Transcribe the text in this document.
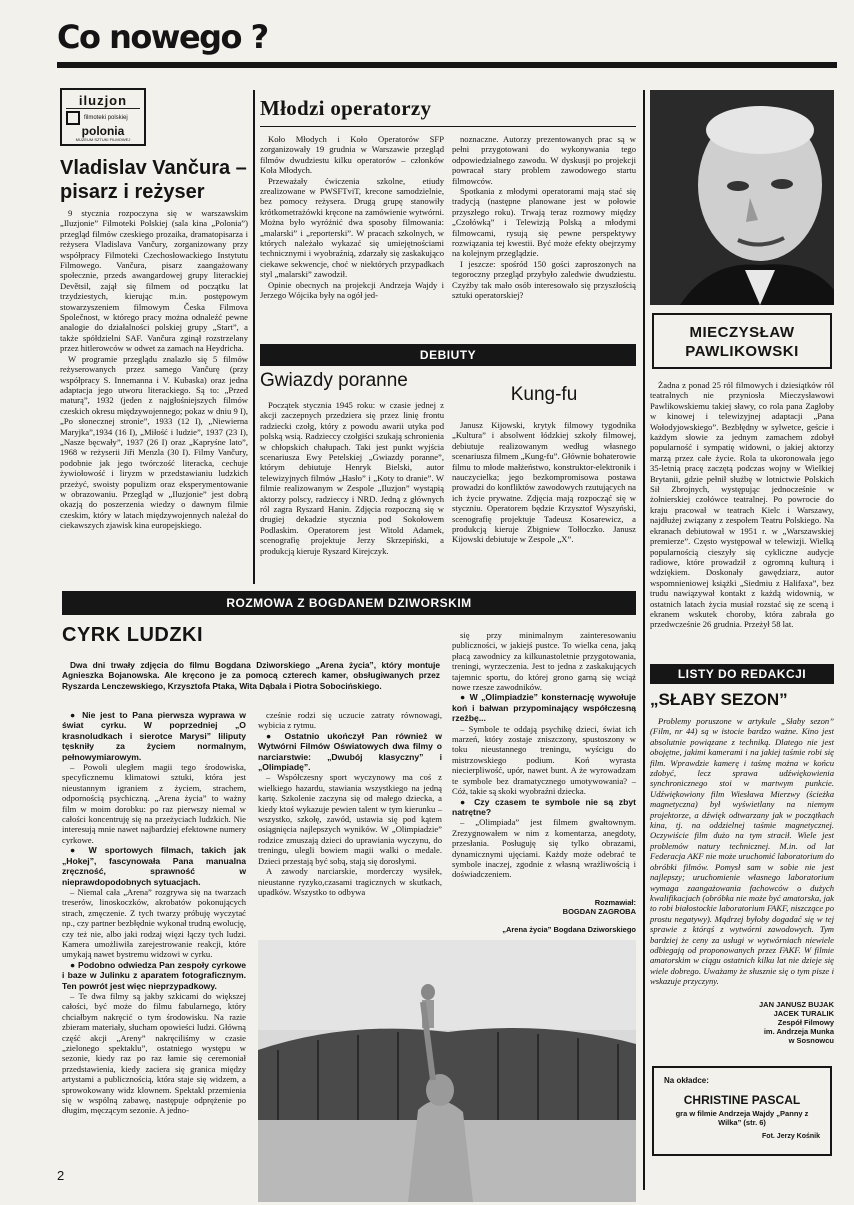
Co nowego ?
iluzjon
filmoteki polskiej
polonia
MUZEUM SZTUKI FILMOWEJ
Vladislav Vančura – pisarz i reżyser

9 stycznia rozpoczyna się w warszawskim „Iluzjonie” Filmoteki Polskiej (sala kina „Polonia”) przegląd filmów czeskiego prozaika, dramatopisarza i reżysera Vladislava Vančury, zorganizowany przy współpracy Filmoteki Czechosłowackiego Instytutu Filmowego. Vančura, pisarz zaangażowany społecznie, przeds awangardowej grupy literackiej Devětsil, zajął się filmem od początku lat trzydziestych, kierując m.in. postępowym stowarzyszeniem filmowym Česka Filmova Společnost, w którego pracy można odnaleźć pewne analogie do działalności polskiej grupy „Start”, a także spółdzielni SAF. Vančura zginął rozstrzelany przez hitlerowców w odwet za zamach na Heydricha.

W programie przeglądu znalazło się 5 filmów reżyserowanych przez samego Vančurę (przy współpracy S. Innemanna i V. Kubaska) oraz jedna adaptacja jego utworu literackiego. Są to: „Przed maturą”, 1932 (jeden z najgłośniejszych filmów czeskich okresu międzywojennego; pokaz w dniu 9 I), „Po słonecznej stronie”, 1933 (12 I), „Niewierna Maryjka”,1934 (16 I), „Miłość i ludzie”, 1937 (23 I), „Nasze bęcwały”, 1937 (26 I) oraz „Kapryśne lato”, 1968 w reżyserii Jiři Menzla (30 I). Filmy Vančury, podobnie jak jego twórczość literacka, cechuje żywiołowość i liryzm w przedstawianiu ludzkich przeżyć, swoisty populizm oraz eksperymentowanie w obrazowaniu. Przegląd w „Iluzjonie” jest dobrą okazją do poszerzenia wiedzy o dawnym filmie czeskim, który w latach międzywojennych należał do ciekawszych zjawisk kina europejskiego.

Młodzi operatorzy

Koło Młodych i Koło Operatorów SFP zorganizowały 19 grudnia w Warszawie przegląd filmów dwudziestu kilku operatorów – członków Koła Młodych.

Przeważały ćwiczenia szkolne, etiudy zrealizowane w PWSFTviT, krecone samodzielnie, bez pomocy reżysera. Drugą grupę stanowiły krótkometrażówki kręcone na zamówienie wytwórni. Można było wyróżnić dwa sposoby filmowania: „malarski” i „reporterski”. W pracach szkolnych, w których należało wykazać się umiejętnościami technicznymi i wyobraźnią, zdarzały się zaskakująco ciekawe sekwencje, choć w niektórych przypadkach styl „malarski” zawodził.

Opinie obecnych na projekcji Andrzeja Wajdy i Jerzego Wójcika były na ogół jed-

noznaczne. Autorzy prezentowanych prac są w pełni przygotowani do wykonywania tego odpowiedzialnego zawodu. W dyskusji po projekcji powracał stary problem zawodowego startu filmowców.

Spotkania z młodymi operatorami mają stać się tradycją (następne planowane jest w połowie przyszłego roku). Trwają teraz rozmowy między „Czołówką” i Telewizją Polską a młodymi filmowcami, rysują się pewne perspektywy rozwiązania tej kwestii. Być może efekty obejrzymy na kolejnym przeglądzie.

I jeszcze: spośród 150 gości zaproszonych na tegoroczny przegląd przybyło zaledwie dwudziestu. Czyżby tak mało osób interesowało się przyszłością sztuki operatorskiej?

DEBIUTY
Gwiazdy poranne
Początek stycznia 1945 roku: w czasie jednej z akcji zaczepnych przedziera się przez linię frontu radziecki czołg, który z powodu awarii utyka pod polską wsią. Radzieccy czołgiści szukają schronienia w chłopskich chałupach. Taki jest punkt wyjścia scenariusza Ewy Petelskiej „Gwiazdy poranne”, którym debiutuje Henryk Bielski, autor telewizyjnych filmów „Hasło” i „Koty to dranie”. W filmie realizowanym w Zespole „Iluzjon” wystąpią aktorzy polscy, radzieccy i NRD. Jedną z głównych ról zagra Ryszard Hanin. Zdjęcia rozpoczną się w drugiej dekadzie stycznia pod Sokołowem Podlaskim. Operatorem jest Witold Adamek, scenografię projektuje Jerzy Skrzepiński, a produkcją kieruje Ryszard Kirejczyk.
Kung-fu
Janusz Kijowski, krytyk filmowy tygodnika „Kultura” i absolwent łódzkiej szkoły filmowej, debiutuje realizowanym według własnego scenariusza filmem „Kung-fu”. Głównie bohaterowie filmu to młode małżeństwo, konstruktor-elektronik i nauczycielka; jego bezkompromisowa postawa prowadzi do konfliktów zawodowych rzutujących na ich życie prywatne. Zdjęcia mają rozpocząć się w styczniu. Operatorem będzie Krzysztof Wyszyński, scenografię projektuje Tadeusz Kosarewicz, a produkcją kieruje Zbigniew Tołłoczko. Janusz Kijowski debiutuje w Zespole „X”.
MIECZYSŁAW
PAWLIKOWSKI
Żadna z ponad 25 ról filmowych i dziesiątków ról teatralnych nie przyniosła Mieczysławowi Pawlikowskiemu takiej sławy, co rola pana Zagłoby w kinowej i telewizyjnej adaptacji „Pana Wołodyjowskiego”. Bezbłędny w sylwetce, geście i każdym słowie za jednym zamachem zdobył popularność i sympatię widowni, o jakiej aktorzy marzą przez całe życie. Rola ta ukoronowała jego 35-letnią pracę zaczętą podczas wojny w Wielkiej Brytanii, gdzie pełnił służbę w lotnictwie Polskich Sił Zbrojnych, występując jednocześnie w żołnierskiej czołówce teatralnej. Po powrocie do kraju pracował w teatrach Kielc i Warszawy, najdłużej związany z zespołem Teatru Polskiego. Na ekranach debiutował w 1951 r. w „Warszawskiej premierze”. Często występował w telewizji. Wielką popularnością cieszyły się cykliczne audycje radiowe, które prowadził z ogromną kulturą i wdziękiem. Doskonały gawędziarz, autor wspomnieniowej książki „Siedmiu z Halifaxa”, bez trudu nawiązywał kontakt z każdą widownią, w ostatnich latach życia musiał rozstać się ze sceną i ekranem wskutek choroby, która zabrała go przedwcześnie 26 grudnia. Przeżył 58 lat.
LISTY DO REDAKCJI
„SŁABY SEZON”
Problemy poruszone w artykule „Słaby sezon” (Film, nr 44) są w istocie bardzo ważne. Kino jest absolutnie powiązane z techniką. Dlatego nie jest obojętne, jakimi kamerami i na jakiej taśmie robi się film. Wprawdzie kamerę i taśmę można w końcu zdobyć, lecz sprawa udźwiękowienia synchronicznego stoi w martwym punkcie. Udźwiękowiony film Wiesława Mierzwy (ścieżka magnetyczna) był wyświetlany na niemym projektorze, a dźwięk odtwarzany jak w początkach kina, tj. na oddzielnej taśmie magnetycznej. Oczywiście film dużo na tym stracił. Wiele jest problemów natury technicznej. M.in. od lat Federacja AKF nie może uruchomić laboratorium do obróbki filmów. Pomysł sam w sobie nie jest najlepszy; uruchomienie własnego laboratorium wymaga zaangażowania fachowców o dużych kwalifikacjach (obróbka nie może być amatorska, jak to robi białostockie laboratorium FAKF, niszczące po prostu negatywy). Mądrzej byłoby dogadać się w tej sprawie z którąś z wytwórni zawodowych. Tym bardziej że ceny za usługi w wytwórniach niewiele odbiegają od proponowanych przez FAKF. W filmie amatorskim w ciągu ostatnich kilku lat nie dzieje się wiele dobrego. Uważamy że słusznie się o tym pisze i wskazuje przyczyny.
JAN JANUSZ BUJAK
JACEK TURALIK
Zespół Filmowy
im. Andrzeja Munka
w Sosnowcu
Na okładce:
CHRISTINE PASCAL
gra w filmie Andrzeja Wajdy „Panny z Wilka” (str. 6)
Fot. Jerzy Kośnik
ROZMOWA Z BOGDANEM DZIWORSKIM
CYRK LUDZKI
Dwa dni trwały zdjęcia do filmu Bogdana Dziworskiego „Arena życia”, który montuje Agnieszka Bojanowska. Ale kręcono je za pomocą czterech kamer, obsługiwanych przez Ryszarda Lenczewskiego, Krzysztofa Ptaka, Wita Dąbala i Piotra Sobocińskiego.

● Nie jest to Pana pierwsza wyprawa w świat cyrku. W poprzedniej „O krasnoludkach i sierotce Marysi” liliputy tęskniły za życiem normalnym, pełnowymiarowym.

– Powoli uległem magii tego środowiska, specyficznemu klimatowi sztuki, która jest nieustannym igraniem z życiem, strachem, odpornością psychiczną. „Arena życia” to ważny film w moim dorobku: po raz pierwszy niemal w całości koncentruję się na przeżyciach ludzkich. Nie interesują mnie nawet najbardziej efektowne numery cyrkowe.

● W sportowych filmach, takich jak „Hokej”, fascynowała Pana manualna zręczność, sprawność w nieprawdopodobnych sytuacjach.

– Niemal cała „Arena” rozgrywa się na twarzach treserów, linoskoczków, akrobatów pokonujących strach, zmęczenie. Z tych twarzy próbuję wyczytać np., czy partner bezbłędnie wykonał trudną ewolucję, czy też nie, albo jaki rodzaj więzi łączy tych ludzi. Kamera umożliwiła zarejestrowanie reakcji, które umykają nawet bystremu widzowi w cyrku.

● Podobno odwiedza Pan zespoły cyrkowe i baze w Julinku z aparatem fotograficznym. Ten powrót jest więc nieprzypadkowy.

– Te dwa filmy są jakby szkicami do większej całości, być może do filmu fabularnego, który chciałbym nakręcić o tym środowisku. Na razie zbieram materiały, słucham opowieści ludzi. Główną część akcji „Areny” nakręciliśmy w czasie „zielonego spektaklu”, ostatniego występu w sezonie, kiedy raz po raz łamie się ceremoniał przedstawienia, kiedy zaciera się granica między artystami a publicznością, która staje się widzem, a sprowokowany widz klownem. Spektakl przemienia się w wspólną zabawę, następuje odprężenie po długim, męczącym sezonie. A jedno-

cześnie rodzi się uczucie zatraty równowagi, wybicia z rytmu.

● Ostatnio ukończył Pan również w Wytwórni Filmów Oświatowych dwa filmy o narciarstwie: „Dwubój klasyczny” i „Olimpiadę”.

– Współczesny sport wyczynowy ma coś z wielkiego hazardu, stawiania wszystkiego na jedną kartę. Szkolenie zaczyna się od małego dziecka, a kiedy ktoś wykazuje pewien talent w tym kierunku – wszystko, szkołę, zawód, ustawia się pod kątem osiągnięcia najlepszych wyników. W „Olimpiadzie” rodzice zmuszają dzieci do uprawiania wyczynu, do treningu, ulegli bowiem magii walki o medale. Dzieci przestają być sobą, stają się dorosłymi.

A zawody narciarskie, morderczy wysiłek, nieustanne ryzyko,czasami tragicznych w skutkach, upadków. Wszystko to odbywa

się przy minimalnym zainteresowaniu publiczności, w jakiejś pustce. To wielka cena, jaką płacą zawodnicy za kilkunastoletnie przygotowania, treningi, wyrzeczenia. Jest to jedna z zaskakujących tajemnic sportu, do której grono garną się wciąż nowe rzesze zawodników.

● W „Olimpiadzie” konsternację wywołuje koń i bałwan przypominający współczesną rzeźbę...

– Symbole te oddają psychikę dzieci, świat ich marzeń, który zostaje zniszczony, spustoszony w toku nieustannego treningu, wyścigu do mistrzowskiego podium. Koń wyrasta niecierpliwość, upór, nawet bunt. A że wyrowadzam te symbole bez dramatycznego umotywowania? – Cóż, takie są skoki wyobraźni dziecka.

● Czy czasem te symbole nie są zbyt natrętne?

– „Olimpiada” jest filmem gwałtownym. Zrezygnowałem w nim z komentarza, anegdoty, przesłania. Posługuję się tylko obrazami, dynamicznymi ujęciami. Każdy może odebrać te symbole inaczej, zgodnie z własną wrażliwością i doświadczeniem.

Rozmawiał:
BOGDAN ZAGROBA
„Arena życia” Bogdana Dziworskiego
2
